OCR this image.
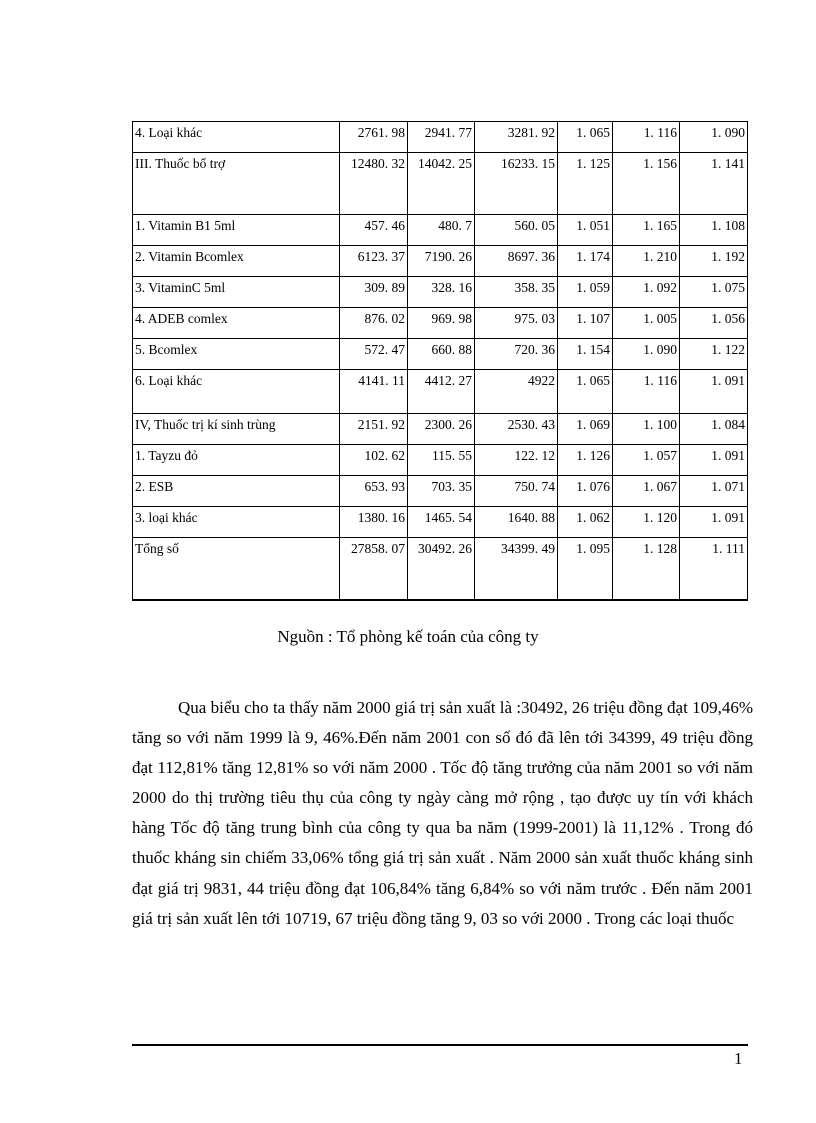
4. Loại khác	2761. 98	2941. 77	3281. 92	1. 065	1. 116	1. 090
III. Thuốc bổ trợ	12480. 32	14042. 25	16233. 15	1. 125	1. 156	1. 141
1. Vitamin B1 5ml	457. 46	480. 7	560. 05	1. 051	1. 165	1. 108
2. Vitamin Bcomlex	6123. 37	7190. 26	8697. 36	1. 174	1. 210	1. 192
3. VitaminC 5ml	309. 89	328. 16	358. 35	1. 059	1. 092	1. 075
4. ADEB comlex	876. 02	969. 98	975. 03	1. 107	1. 005	1. 056
5. Bcomlex	572. 47	660. 88	720. 36	1. 154	1. 090	1. 122
6. Loại khác	4141. 11	4412. 27	4922	1. 065	1. 116	1. 091
IV, Thuốc trị kí sinh trùng	2151. 92	2300. 26	2530. 43	1. 069	1. 100	1. 084
1. Tayzu đỏ	102. 62	115. 55	122. 12	1. 126	1. 057	1. 091
2. ESB	653. 93	703. 35	750. 74	1. 076	1. 067	1. 071
3. loại khác	1380. 16	1465. 54	1640. 88	1. 062	1. 120	1. 091
Tổng số	27858. 07	30492. 26	34399. 49	1. 095	1. 128	1. 111
Nguồn : Tổ phòng kế toán của công ty

Qua biểu cho ta thấy năm 2000 giá trị sản xuất là :30492, 26 triệu đồng đạt 109,46% tăng so với năm 1999 là 9, 46%.Đến năm 2001 con số đó đã lên tới 34399, 49 triệu đồng đạt 112,81% tăng 12,81% so với năm 2000 . Tốc độ tăng trưởng của năm 2001 so với năm 2000 do thị trường tiêu thụ của công ty ngày càng mở rộng , tạo được uy tín với khách hàng Tốc độ tăng trung bình của công ty qua ba năm (1999-2001) là 11,12% . Trong đó thuốc kháng sin chiếm 33,06% tổng giá trị sản xuất . Năm 2000 sản xuất thuốc kháng sinh đạt giá trị 9831, 44 triệu đồng đạt 106,84% tăng 6,84% so với năm trước . Đến năm 2001 giá trị sản xuất lên tới 10719, 67 triệu đồng tăng 9, 03 so với 2000 . Trong các loại thuốc

1
